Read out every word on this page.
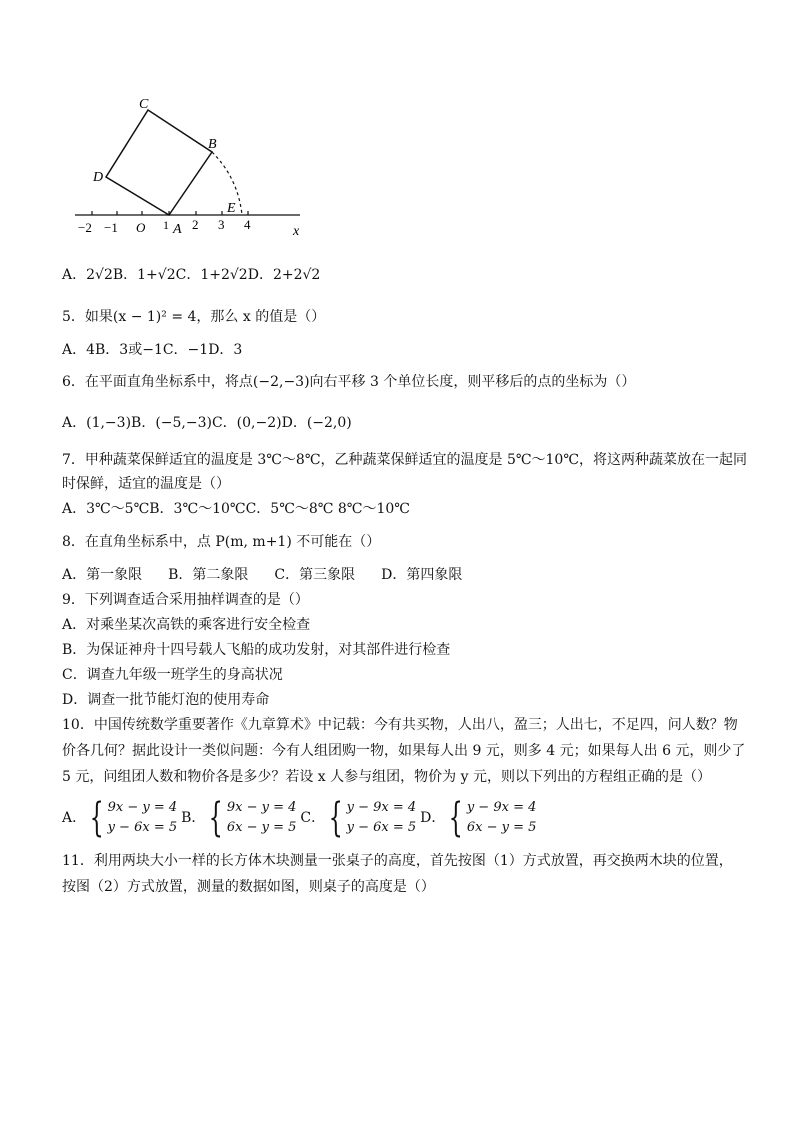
−2 −1 O 1 2 3 4	x
C
B
D
A
E
A．2√2B．1+√2C．1+2√2D．2+2√2
5．如果(x − 1)² = 4，那么 x 的值是（）
A．4B．3或−1C．−1D．3
6．在平面直角坐标系中，将点(−2,−3)向右平移 3 个单位长度，则平移后的点的坐标为（）
A．(1,−3)B．(−5,−3)C．(0,−2)D．(−2,0)
7．甲种蔬菜保鲜适宜的温度是 3℃～8℃，乙种蔬菜保鲜适宜的温度是 5℃～10℃，将这两种蔬菜放在一起同
时保鲜，适宜的温度是（）
A．3℃～5℃B．3℃～10℃C．5℃～8℃ 8℃～10℃
8．在直角坐标系中，点 P(m, m+1) 不可能在（）
A．第一象限 B．第二象限 C．第三象限 D．第四象限
9．下列调查适合采用抽样调查的是（）
A．对乘坐某次高铁的乘客进行安全检查
B．为保证神舟十四号载人飞船的成功发射，对其部件进行检查
C．调查九年级一班学生的身高状况
D．调查一批节能灯泡的使用寿命
10．中国传统数学重要著作《九章算术》中记载：今有共买物，人出八，盈三；人出七，不足四，问人数？物
价各几何？据此设计一类似问题：今有人组团购一物，如果每人出 9 元，则多 4 元；如果每人出 6 元，则少了
5 元，问组团人数和物价各是多少？若设 x 人参与组团，物价为 y 元，则以下列出的方程组正确的是（）
A．{ 9x − y = 4
y − 6x = 5B．{ 9x − y = 4
6x − y = 5C．{ y − 9x = 4
y − 6x = 5D．{ y − 9x = 4
6x − y = 5
11．利用两块大小一样的长方体木块测量一张桌子的高度，首先按图（1）方式放置，再交换两木块的位置，
按图（2）方式放置，测量的数据如图，则桌子的高度是（）
